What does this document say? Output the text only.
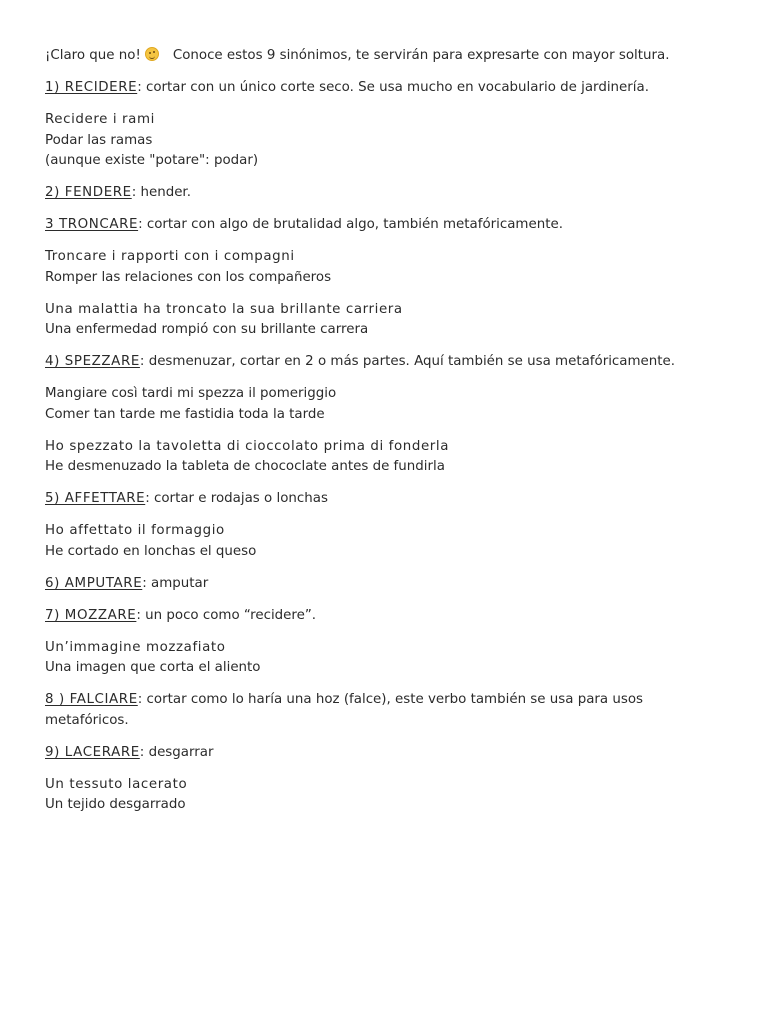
¡Claro que no! Conoce estos 9 sinónimos, te servirán para expresarte con mayor soltura.

1) RECIDERE: cortar con un único corte seco. Se usa mucho en vocabulario de jardinería.

Recidere i rami
Podar las ramas
(aunque existe "potare": podar)

2) FENDERE: hender.

3 TRONCARE: cortar con algo de brutalidad algo, también metafóricamente.

Troncare i rapporti con i compagni
Romper las relaciones con los compañeros

Una malattia ha troncato la sua brillante carriera
Una enfermedad rompió con su brillante carrera

4) SPEZZARE: desmenuzar, cortar en 2 o más partes. Aquí también se usa metafóricamente.

Mangiare così tardi mi spezza il pomeriggio
Comer tan tarde me fastidia toda la tarde

Ho spezzato la tavoletta di cioccolato prima di fonderla
He desmenuzado la tableta de chococlate antes de fundirla

5) AFFETTARE: cortar e rodajas o lonchas

Ho affettato il formaggio
He cortado en lonchas el queso

6) AMPUTARE: amputar

7) MOZZARE: un poco como “recidere”.

Un’immagine mozzafiato
Una imagen que corta el aliento

8 ) FALCIARE: cortar como lo haría una hoz (falce), este verbo también se usa para usos metafóricos.

9) LACERARE: desgarrar

Un tessuto lacerato
Un tejido desgarrado
